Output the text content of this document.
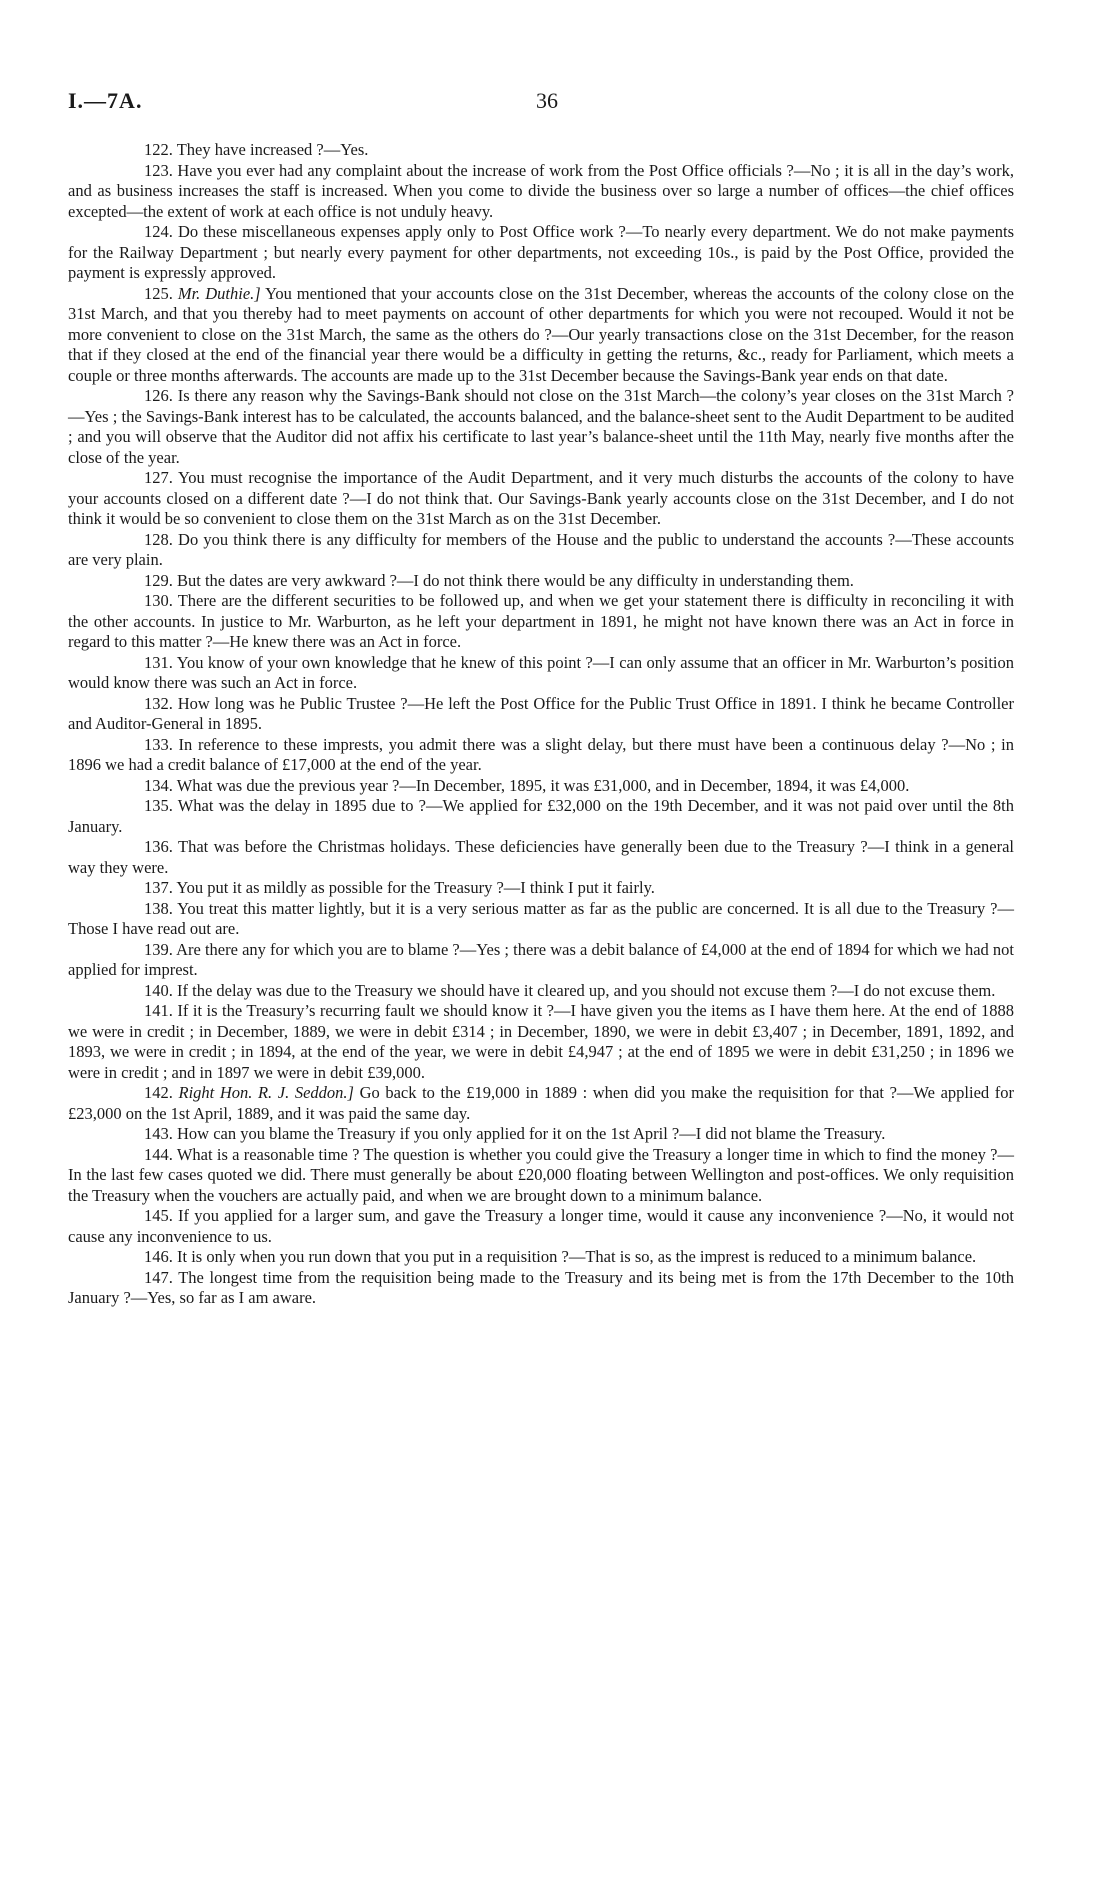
I.—7A.	36

122. They have increased ?—Yes.

123. Have you ever had any complaint about the increase of work from the Post Office officials ?—No ; it is all in the day’s work, and as business increases the staff is increased. When you come to divide the business over so large a number of offices—the chief offices excepted—the extent of work at each office is not unduly heavy.

124. Do these miscellaneous expenses apply only to Post Office work ?—To nearly every department. We do not make payments for the Railway Department ; but nearly every payment for other departments, not exceeding 10s., is paid by the Post Office, provided the payment is expressly approved.

125. Mr. Duthie.] You mentioned that your accounts close on the 31st December, whereas the accounts of the colony close on the 31st March, and that you thereby had to meet payments on account of other departments for which you were not recouped. Would it not be more convenient to close on the 31st March, the same as the others do ?—Our yearly transactions close on the 31st December, for the reason that if they closed at the end of the financial year there would be a difficulty in getting the returns, &c., ready for Parliament, which meets a couple or three months afterwards. The accounts are made up to the 31st December because the Savings-Bank year ends on that date.

126. Is there any reason why the Savings-Bank should not close on the 31st March—the colony’s year closes on the 31st March ?—Yes ; the Savings-Bank interest has to be calculated, the accounts balanced, and the balance-sheet sent to the Audit Department to be audited ; and you will observe that the Auditor did not affix his certificate to last year’s balance-sheet until the 11th May, nearly five months after the close of the year.

127. You must recognise the importance of the Audit Department, and it very much disturbs the accounts of the colony to have your accounts closed on a different date ?—I do not think that. Our Savings-Bank yearly accounts close on the 31st December, and I do not think it would be so convenient to close them on the 31st March as on the 31st December.

128. Do you think there is any difficulty for members of the House and the public to understand the accounts ?—These accounts are very plain.

129. But the dates are very awkward ?—I do not think there would be any difficulty in understanding them.

130. There are the different securities to be followed up, and when we get your statement there is difficulty in reconciling it with the other accounts. In justice to Mr. Warburton, as he left your department in 1891, he might not have known there was an Act in force in regard to this matter ?—He knew there was an Act in force.

131. You know of your own knowledge that he knew of this point ?—I can only assume that an officer in Mr. Warburton’s position would know there was such an Act in force.

132. How long was he Public Trustee ?—He left the Post Office for the Public Trust Office in 1891. I think he became Controller and Auditor-General in 1895.

133. In reference to these imprests, you admit there was a slight delay, but there must have been a continuous delay ?—No ; in 1896 we had a credit balance of £17,000 at the end of the year.

134. What was due the previous year ?—In December, 1895, it was £31,000, and in December, 1894, it was £4,000.

135. What was the delay in 1895 due to ?—We applied for £32,000 on the 19th December, and it was not paid over until the 8th January.

136. That was before the Christmas holidays. These deficiencies have generally been due to the Treasury ?—I think in a general way they were.

137. You put it as mildly as possible for the Treasury ?—I think I put it fairly.

138. You treat this matter lightly, but it is a very serious matter as far as the public are concerned. It is all due to the Treasury ?—Those I have read out are.

139. Are there any for which you are to blame ?—Yes ; there was a debit balance of £4,000 at the end of 1894 for which we had not applied for imprest.

140. If the delay was due to the Treasury we should have it cleared up, and you should not excuse them ?—I do not excuse them.

141. If it is the Treasury’s recurring fault we should know it ?—I have given you the items as I have them here. At the end of 1888 we were in credit ; in December, 1889, we were in debit £314 ; in December, 1890, we were in debit £3,407 ; in December, 1891, 1892, and 1893, we were in credit ; in 1894, at the end of the year, we were in debit £4,947 ; at the end of 1895 we were in debit £31,250 ; in 1896 we were in credit ; and in 1897 we were in debit £39,000.

142. Right Hon. R. J. Seddon.] Go back to the £19,000 in 1889 : when did you make the requisition for that ?—We applied for £23,000 on the 1st April, 1889, and it was paid the same day.

143. How can you blame the Treasury if you only applied for it on the 1st April ?—I did not blame the Treasury.

144. What is a reasonable time ? The question is whether you could give the Treasury a longer time in which to find the money ?—In the last few cases quoted we did. There must generally be about £20,000 floating between Wellington and post-offices. We only requisition the Treasury when the vouchers are actually paid, and when we are brought down to a minimum balance.

145. If you applied for a larger sum, and gave the Treasury a longer time, would it cause any inconvenience ?—No, it would not cause any inconvenience to us.

146. It is only when you run down that you put in a requisition ?—That is so, as the imprest is reduced to a minimum balance.

147. The longest time from the requisition being made to the Treasury and its being met is from the 17th December to the 10th January ?—Yes, so far as I am aware.
